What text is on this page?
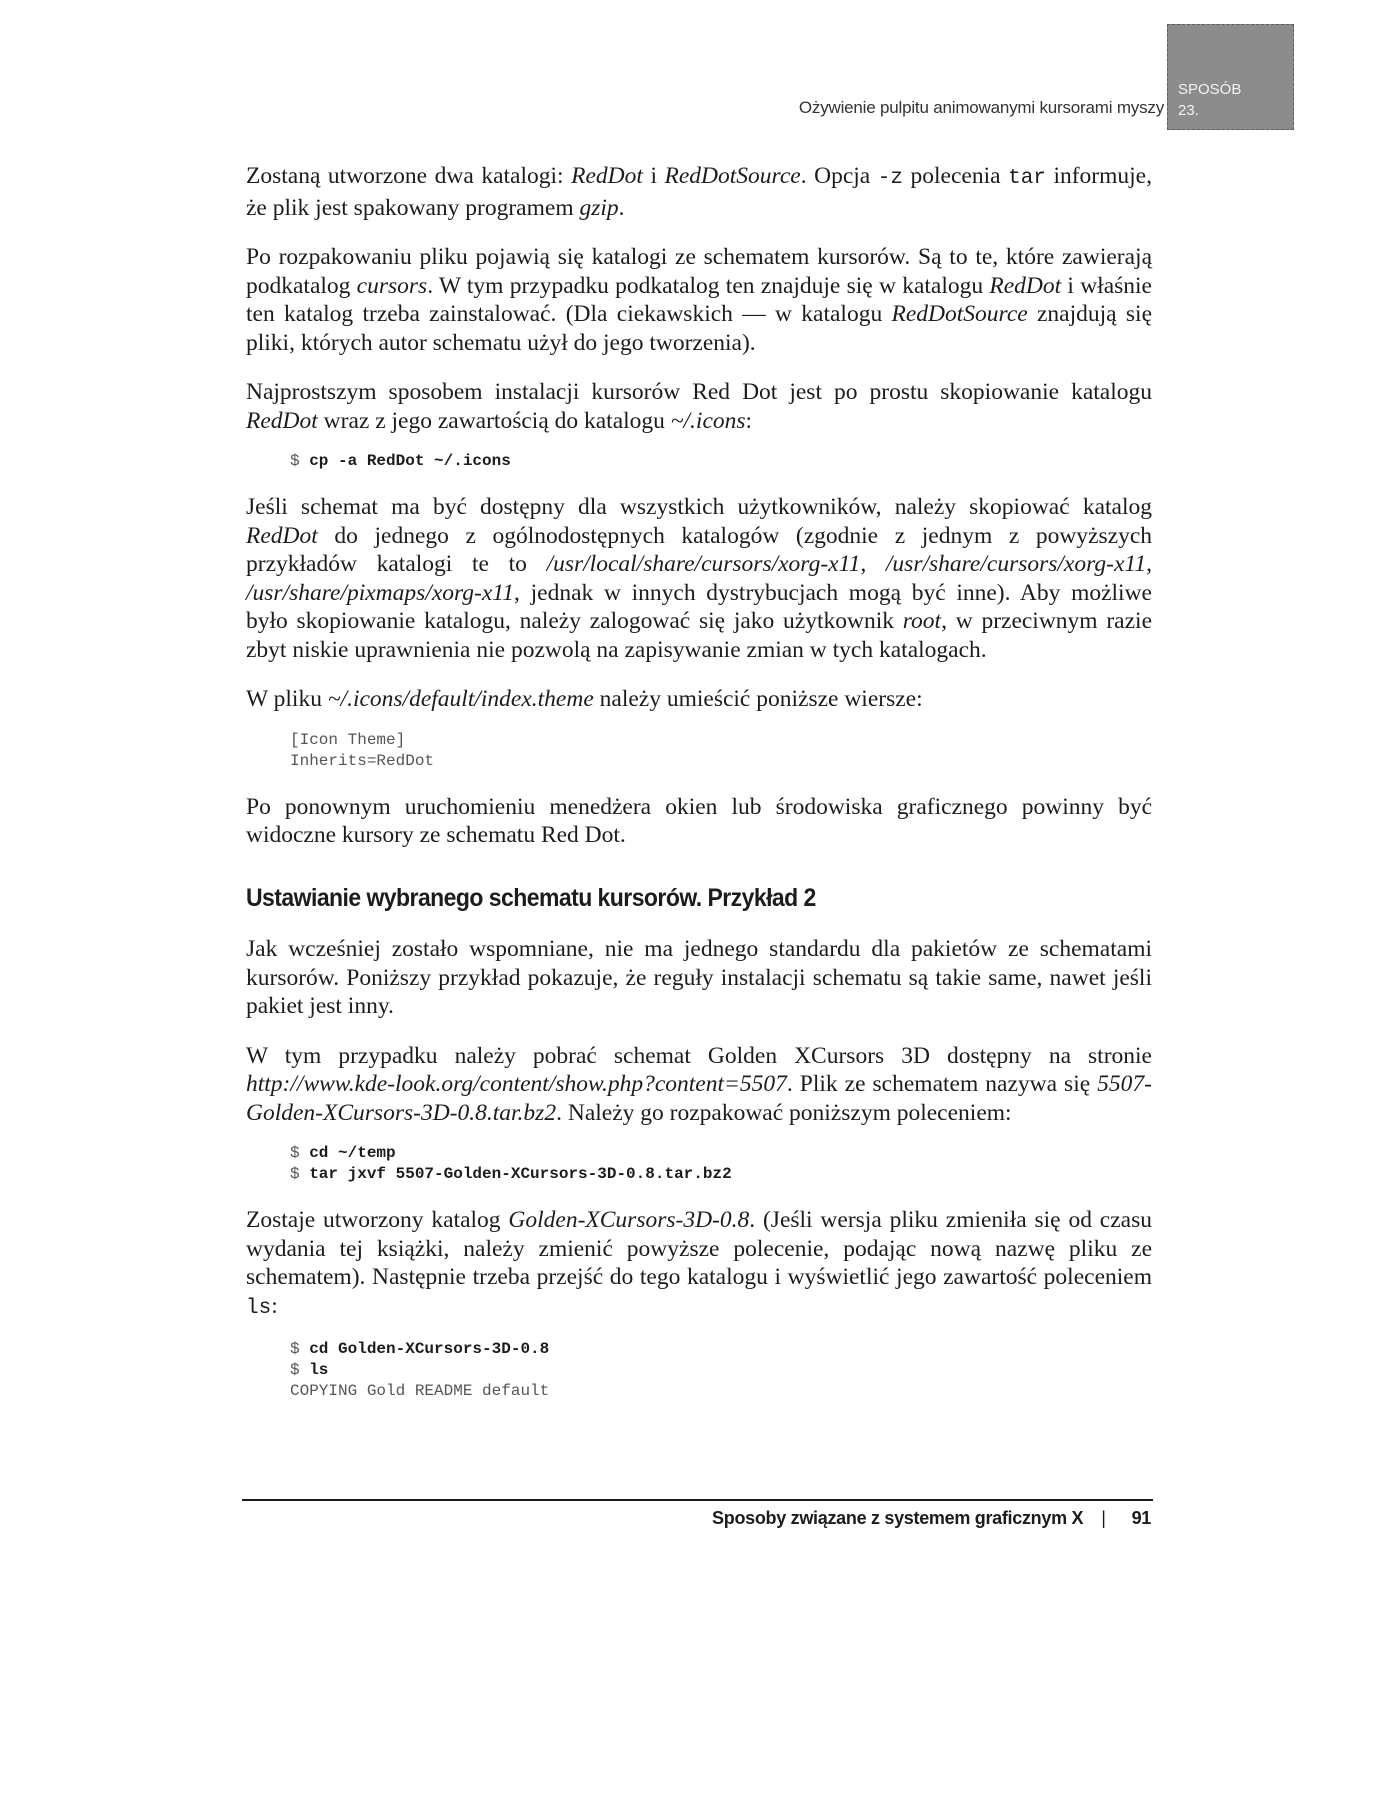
Ożywienie pulpitu animowanymi kursorami myszy
SPOSÓB
23.

Zostaną utworzone dwa katalogi: RedDot i RedDotSource. Opcja -z polecenia tar informuje, że plik jest spakowany programem gzip.

Po rozpakowaniu pliku pojawią się katalogi ze schematem kursorów. Są to te, które zawierają podkatalog cursors. W tym przypadku podkatalog ten znajduje się w katalogu RedDot i właśnie ten katalog trzeba zainstalować. (Dla ciekawskich — w katalogu RedDotSource znajdują się pliki, których autor schematu użył do jego tworzenia).

Najprostszym sposobem instalacji kursorów Red Dot jest po prostu skopiowanie katalogu RedDot wraz z jego zawartością do katalogu ~/.icons:

$ cp -a RedDot ~/.icons

Jeśli schemat ma być dostępny dla wszystkich użytkowników, należy skopiować katalog RedDot do jednego z ogólnodostępnych katalogów (zgodnie z jednym z powyższych przykładów katalogi te to /usr/local/share/cursors/xorg-x11, /usr/share/cursors/xorg-x11, /usr/share/pixmaps/xorg-x11, jednak w innych dystrybucjach mogą być inne). Aby możliwe było skopiowanie katalogu, należy zalogować się jako użytkownik root, w przeciwnym razie zbyt niskie uprawnienia nie pozwolą na zapisywanie zmian w tych katalogach.

W pliku ~/.icons/default/index.theme należy umieścić poniższe wiersze:

[Icon Theme]
Inherits=RedDot

Po ponownym uruchomieniu menedżera okien lub środowiska graficznego powinny być widoczne kursory ze schematu Red Dot.

Ustawianie wybranego schematu kursorów. Przykład 2

Jak wcześniej zostało wspomniane, nie ma jednego standardu dla pakietów ze schematami kursorów. Poniższy przykład pokazuje, że reguły instalacji schematu są takie same, nawet jeśli pakiet jest inny.

W tym przypadku należy pobrać schemat Golden XCursors 3D dostępny na stronie http://www.kde-look.org/content/show.php?content=5507. Plik ze schematem nazywa się 5507-Golden-XCursors-3D-0.8.tar.bz2. Należy go rozpakować poniższym poleceniem:

$ cd ~/temp
$ tar jxvf 5507-Golden-XCursors-3D-0.8.tar.bz2

Zostaje utworzony katalog Golden-XCursors-3D-0.8. (Jeśli wersja pliku zmieniła się od czasu wydania tej książki, należy zmienić powyższe polecenie, podając nową nazwę pliku ze schematem). Następnie trzeba przejść do tego katalogu i wyświetlić jego zawartość poleceniem ls:

$ cd Golden-XCursors-3D-0.8
$ ls
COPYING Gold README default
Sposoby związane z systemem graficznym X | 91
